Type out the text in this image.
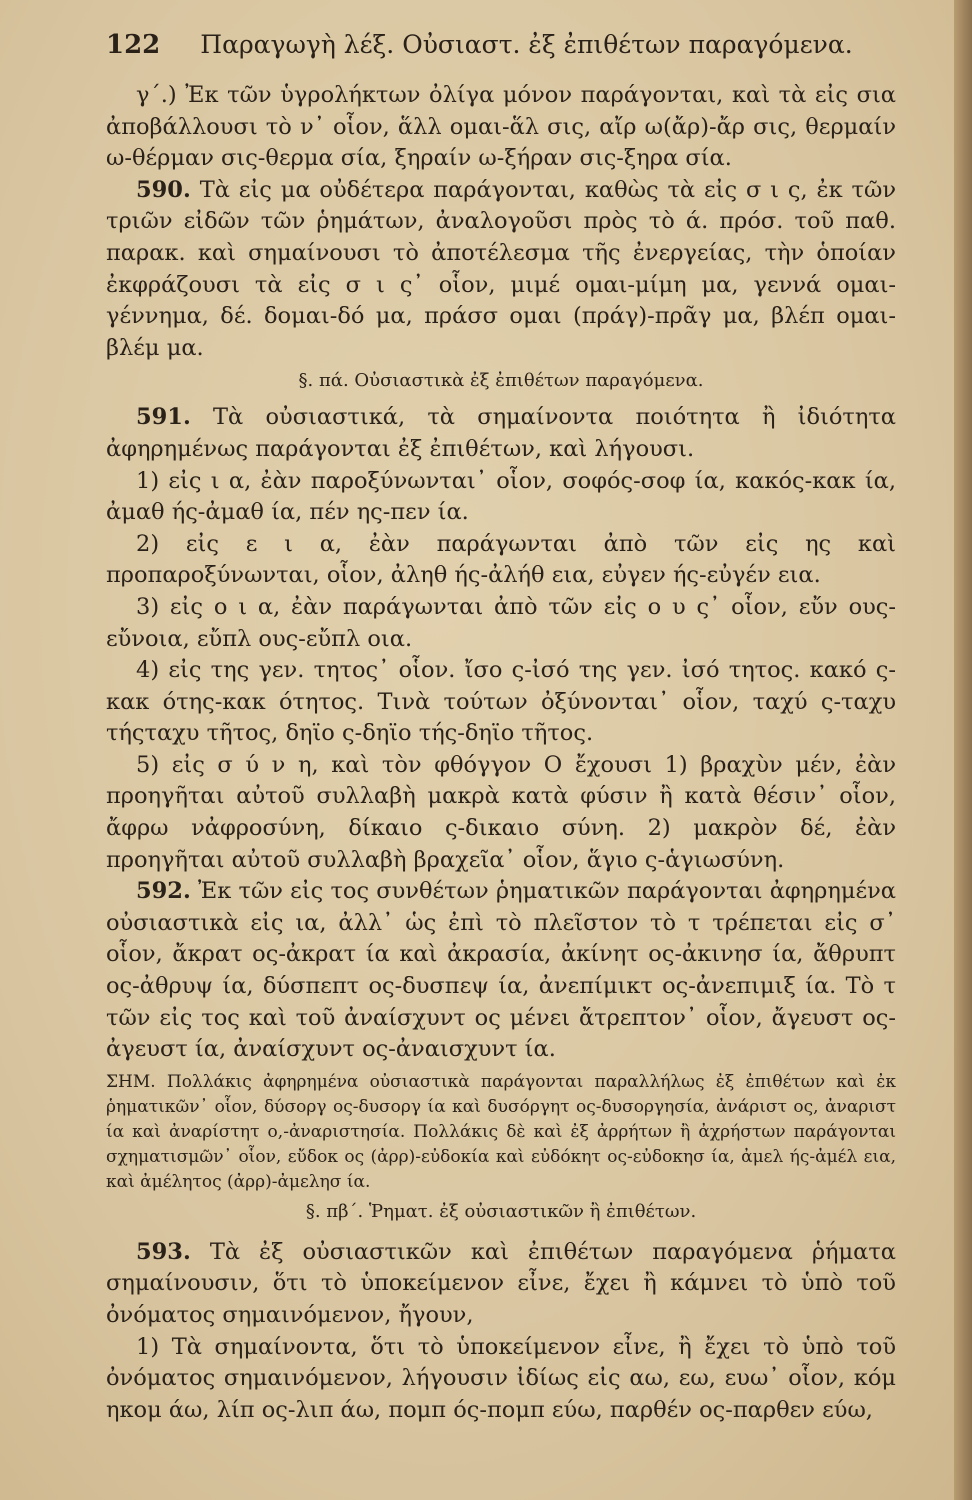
122 Παραγωγὴ λέξ. Οὐσιαστ. ἐξ ἐπιθέτων παραγόμενα.

γ΄.) Ἐκ τῶν ὑγρολήκτων ὀλίγα μόνον παράγονται, καὶ τὰ εἰς σια ἀποβάλλουσι τὸ ν᾽ οἷον, ἅλλ ομαι-ἅλ σις, αἴρ ω(ἄρ)-ἄρ σις, θερμαίν ω-θέρμαν σις-θερμα σία, ξηραίν ω-ξήραν σις-ξηρα σία.

590. Τὰ εἰς μα οὐδέτερα παράγονται, καθὼς τὰ εἰς σ ι ς, ἐκ τῶν τριῶν εἰδῶν τῶν ῥημάτων, ἀναλογοῦσι πρὸς τὸ ά. πρόσ. τοῦ παθ. παρακ. καὶ σημαίνουσι τὸ ἀποτέλεσμα τῆς ἐνεργείας, τὴν ὁποίαν ἐκφράζουσι τὰ εἰς σ ι ς᾽ οἷον, μιμέ ομαι-μίμη μα, γεννά ομαι-γέννημα, δέ. δομαι-δό μα, πράσσ ομαι (πράγ)-πρᾶγ μα, βλέπ ομαι-βλέμ μα.

§. πά. Οὐσιαστικὰ ἐξ ἐπιθέτων παραγόμενα.

591. Τὰ οὐσιαστικά, τὰ σημαίνοντα ποιότητα ἢ ἰδιότητα ἀφηρημένως παράγονται ἐξ ἐπιθέτων, καὶ λήγουσι.

1) εἰς ι α, ἐὰν παροξύνωνται᾽ οἷον, σοφός-σοφ ία, κακός-κακ ία, ἀμαθ ής-ἀμαθ ία, πέν ης-πεν ία.

2) εἰς ε ι α, ἐὰν παράγωνται ἀπὸ τῶν εἰς ης καὶ προπαροξύνωνται, οἷον, ἀληθ ής-ἀλήθ εια, εὐγεν ής-εὐγέν εια.

3) εἰς ο ι α, ἐὰν παράγωνται ἀπὸ τῶν εἰς ο υ ς᾽ οἷον, εὔν ους-εὔνοια, εὔπλ ους-εὔπλ οια.

4) εἰς της γεν. τητος᾽ οἷον. ἴσο ς-ἰσό της γεν. ἰσό τητος. κακό ς-κακ ότης-κακ ότητος. Τινὰ τούτων ὀξύνονται᾽ οἷον, ταχύ ς-ταχυ τήςταχυ τῆτος, δηϊο ς-δηϊο τής-δηϊο τῆτος.

5) εἰς σ ύ ν η, καὶ τὸν φθόγγον Ο ἔχουσι 1) βραχὺν μέν, ἐὰν προηγῆται αὐτοῦ συλλαβὴ μακρὰ κατὰ φύσιν ἢ κατὰ θέσιν᾽ οἷον, ἄφρω νἀφροσύνη, δίκαιο ς-δικαιο σύνη. 2) μακρὸν δέ, ἐὰν προηγῆται αὐτοῦ συλλαβὴ βραχεῖα᾽ οἷον, ἅγιο ς-ἁγιωσύνη.

592. Ἐκ τῶν εἰς τος συνθέτων ῥηματικῶν παράγονται ἀφηρημένα οὐσιαστικὰ εἰς ια, ἀλλ᾽ ὡς ἐπὶ τὸ πλεῖστον τὸ τ τρέπεται εἰς σ᾽ οἷον, ἄκρατ ος-ἀκρατ ία καὶ ἀκρασία, ἀκίνητ ος-ἀκινησ ία, ἄθρυπτ ος-ἀθρυψ ία, δύσπεπτ ος-δυσπεψ ία, ἀνεπίμικτ ος-ἀνεπιμιξ ία. Τὸ τ τῶν εἰς τος καὶ τοῦ ἀναίσχυντ ος μένει ἄτρεπτον᾽ οἷον, ἄγευστ ος-ἀγευστ ία, ἀναίσχυντ ος-ἀναισχυντ ία.

ΣΗΜ. Πολλάκις ἀφηρημένα οὐσιαστικὰ παράγονται παραλλήλως ἐξ ἐπιθέτων καὶ ἐκ ῥηματικῶν᾽ οἷον, δύσοργ ος-δυσοργ ία καὶ δυσόργητ ος-δυσοργησία, ἀνάριστ ος, ἀναριστ ία καὶ ἀναρίστητ ο,-ἀναριστησία. Πολλάκις δὲ καὶ ἐξ ἀρρήτων ἢ ἀχρήστων παράγονται σχηματισμῶν᾽ οἷον, εὔδοκ ος (ἀρρ)-εὐδοκία καὶ εὐδόκητ ος-εὐδοκησ ία, ἀμελ ής-ἀμέλ εια, καὶ ἀμέλητος (ἀρρ)-ἀμελησ ία.

§. πβ΄. Ῥηματ. ἐξ οὐσιαστικῶν ἢ ἐπιθέτων.

593. Τὰ ἐξ οὐσιαστικῶν καὶ ἐπιθέτων παραγόμενα ῥήματα σημαίνουσιν, ὅτι τὸ ὑποκείμενον εἶνε, ἔχει ἢ κάμνει τὸ ὑπὸ τοῦ ὀνόματος σημαινόμενον, ἤγουν,

1) Τὰ σημαίνοντα, ὅτι τὸ ὑποκείμενον εἶνε, ἢ ἔχει τὸ ὑπὸ τοῦ ὀνόματος σημαινόμενον, λήγουσιν ἰδίως εἰς αω, εω, ευω᾽ οἷον, κόμ ηκομ άω, λίπ ος-λιπ άω, πομπ ός-πομπ εύω, παρθέν ος-παρθεν εύω,
